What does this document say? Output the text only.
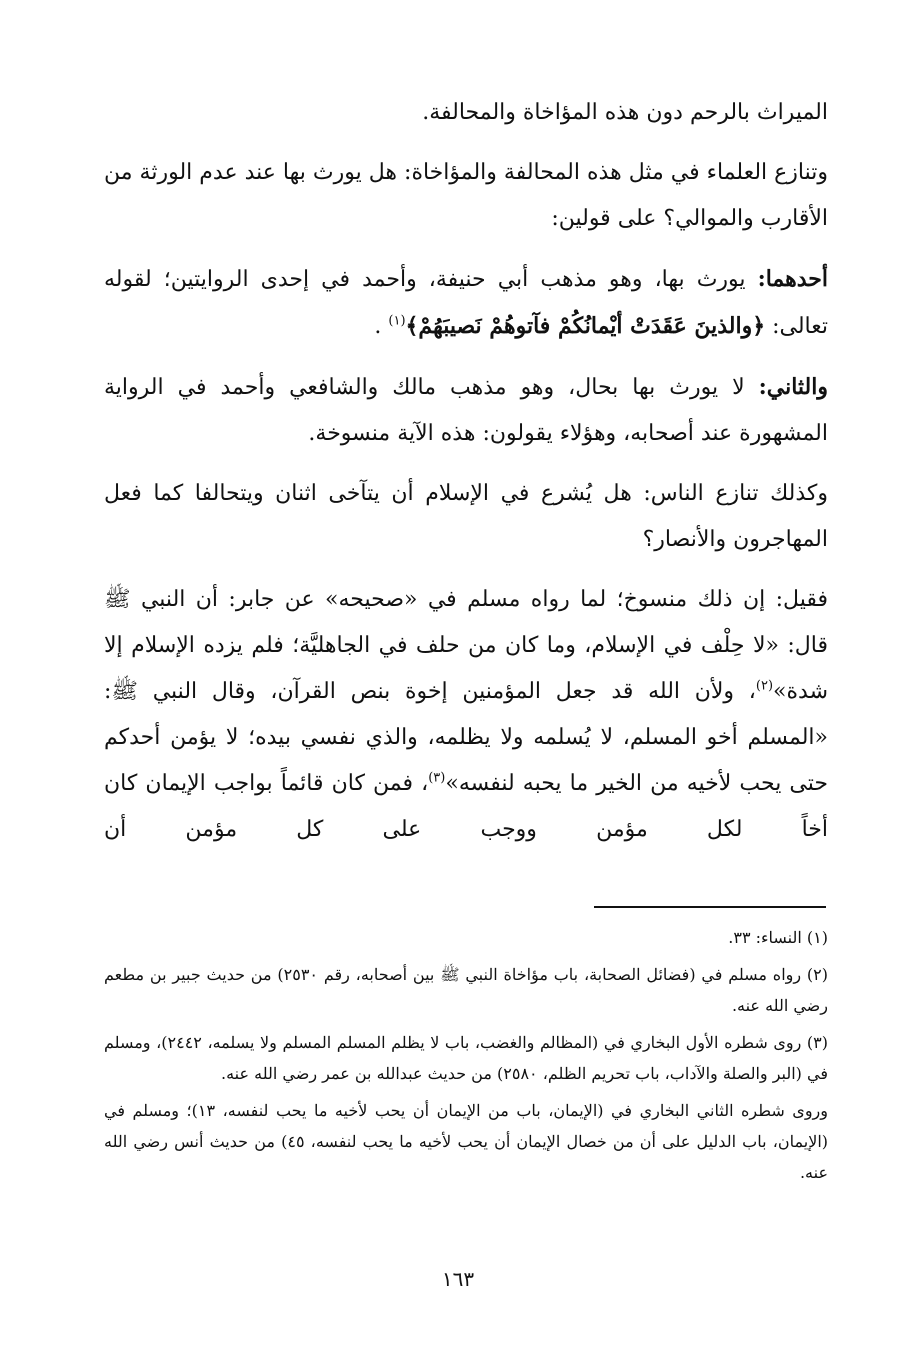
الميراث بالرحم دون هذه المؤاخاة والمحالفة.

وتنازع العلماء في مثل هذه المحالفة والمؤاخاة: هل يورث بها عند عدم الورثة من الأقارب والموالي؟ على قولين:

أحدهما: يورث بها، وهو مذهب أبي حنيفة، وأحمد في إحدى الروايتين؛ لقوله تعالى: ﴿والذينَ عَقَدَتْ أيْمانُكُمْ فآتوهُمْ نَصيبَهُمْ﴾$^{(١)}$ .

والثاني: لا يورث بها بحال، وهو مذهب مالك والشافعي وأحمد في الرواية المشهورة عند أصحابه، وهؤلاء يقولون: هذه الآية منسوخة.

وكذلك تنازع الناس: هل يُشرع في الإسلام أن يتآخى اثنان ويتحالفا كما فعل المهاجرون والأنصار؟

فقيل: إن ذلك منسوخ؛ لما رواه مسلم في «صحيحه» عن جابر: أن النبي ﷺ قال: «لا حِلْف في الإسلام، وما كان من حلف في الجاهليَّة؛ فلم يزده الإسلام إلا شدة»$^{(٢)}$، ولأن الله قد جعل المؤمنين إخوة بنص القرآن، وقال النبي ﷺ: «المسلم أخو المسلم، لا يُسلمه ولا يظلمه، والذي نفسي بيده؛ لا يؤمن أحدكم حتى يحب لأخيه من الخير ما يحبه لنفسه»$^{(٣)}$، فمن كان قائماً بواجب الإيمان كان أخاً لكل مؤمن ووجب على كل مؤمن أن

(١) النساء: ٣٣.

(٢) رواه مسلم في (فضائل الصحابة، باب مؤاخاة النبي ﷺ بين أصحابه، رقم ٢٥٣٠) من حديث جبير بن مطعم رضي الله عنه.

(٣) روى شطره الأول البخاري في (المظالم والغضب، باب لا يظلم المسلم المسلم ولا يسلمه، ٢٤٤٢)، ومسلم في (البر والصلة والآداب، باب تحريم الظلم، ٢٥٨٠) من حديث عبدالله بن عمر رضي الله عنه.

وروى شطره الثاني البخاري في (الإيمان، باب من الإيمان أن يحب لأخيه ما يحب لنفسه، ١٣)؛ ومسلم في (الإيمان، باب الدليل على أن من خصال الإيمان أن يحب لأخيه ما يحب لنفسه، ٤٥) من حديث أنس رضي الله عنه.

١٦٣
